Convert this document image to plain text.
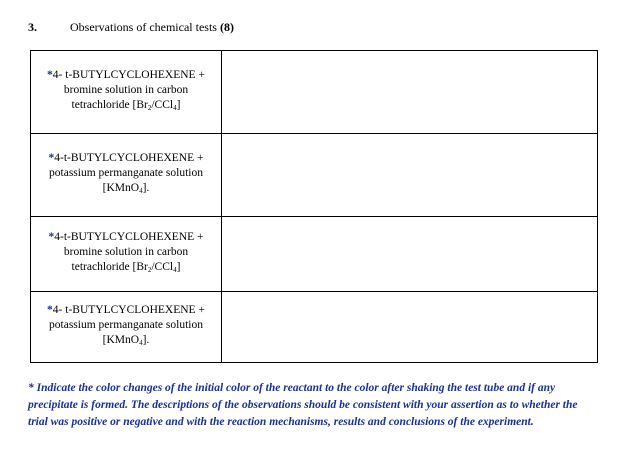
3.	Observations of chemical tests (8)
*4- t-BUTYLCYCLOHEXENE +
bromine solution in carbon
tetrachloride $[Br_2/CCl_4]$	
*4-t-BUTYLCYCLOHEXENE +
potassium permanganate solution
[KMnO$_4$].	
*4-t-BUTYLCYCLOHEXENE +
bromine solution in carbon
tetrachloride $[Br_2/CCl_4]$	
*4- t-BUTYLCYCLOHEXENE +
potassium permanganate solution
[KMnO$_4$].	
* Indicate the color changes of the initial color of the reactant to the color after shaking the test tube and if any precipitate is formed. The descriptions of the observations should be consistent with your assertion as to whether the trial was positive or negative and with the reaction mechanisms, results and conclusions of the experiment.
